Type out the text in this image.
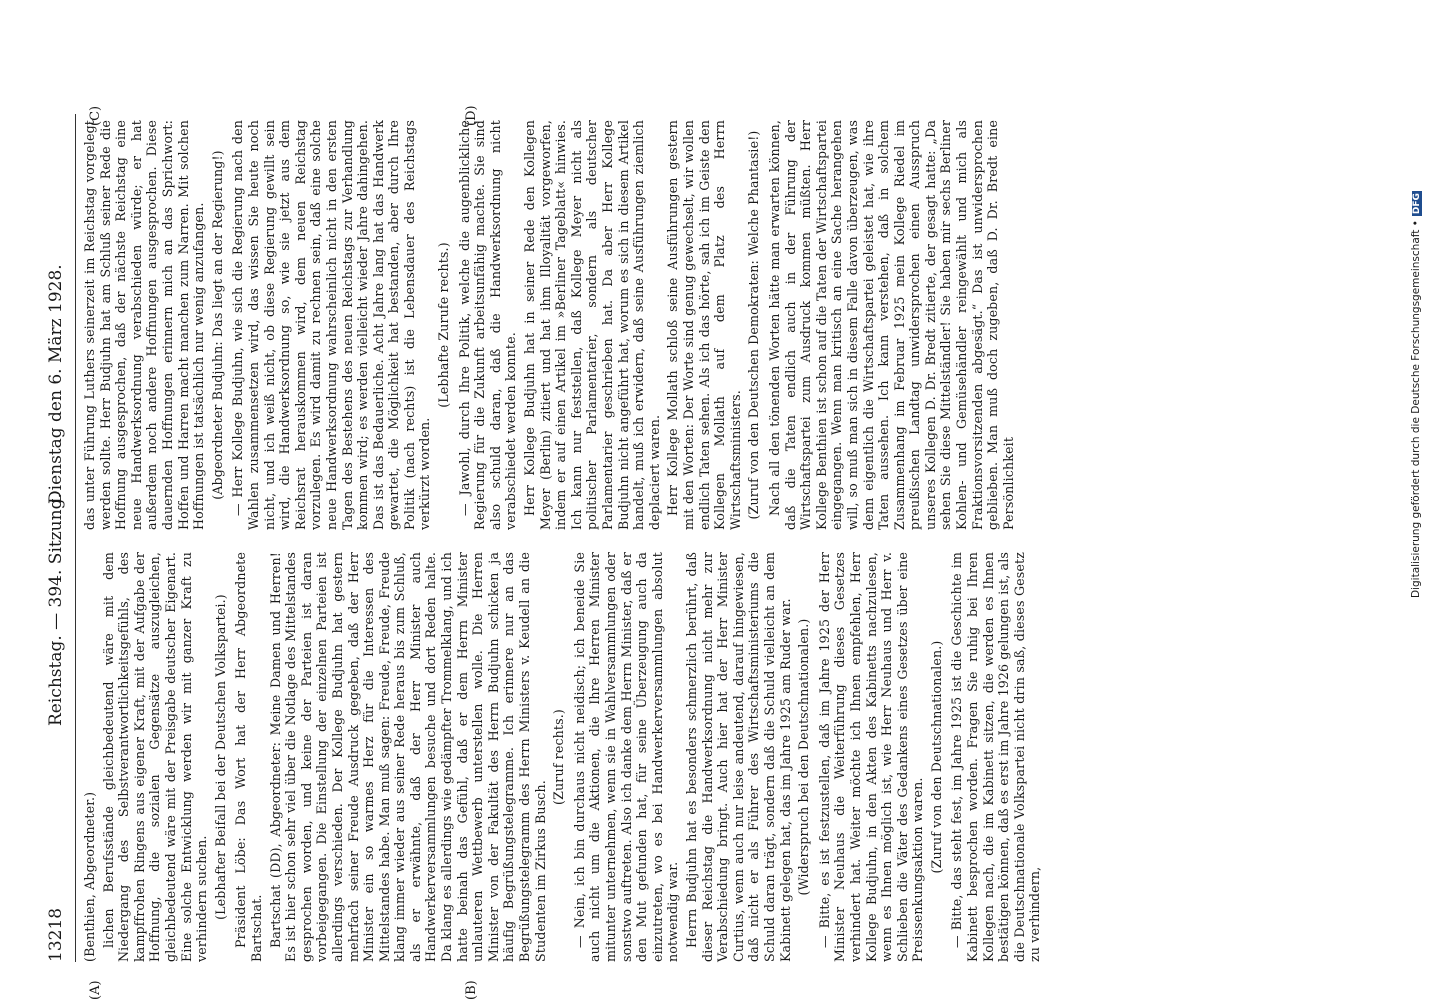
13218
Reichstag. — 394. Sitzung.
Dienstag den 6. März 1928.
(A)	(B)
(C)	(D)

(Benthien, Abgeordneter.) lichen Berufsstände gleichbedeutend wäre mit dem Niedergang des Selbstverantwortlichkeitsgefühls, des kampffrohen Ringens aus eigener Kraft, mit der Aufgabe der Hoffnung, die sozialen Gegensätze auszugleichen, gleichbedeutend wäre mit der Preisgabe deutscher Eigenart. Eine solche Entwicklung werden wir mit ganzer Kraft zu verhindern suchen. (Lebhafter Beifall bei der Deutschen Volkspartei.) Präsident Löbe: Das Wort hat der Herr Abgeordnete Bartschat. Bartschat (DD), Abgeordneter: Meine Damen und Herren! Es ist hier schon sehr viel über die Notlage des Mittelstandes gesprochen worden, und keine der Parteien ist daran vorbeigegangen. Die Einstellung der einzelnen Parteien ist allerdings verschieden. Der Kollege Budjuhn hat gestern mehrfach seiner Freude Ausdruck gegeben, daß der Herr Minister ein so warmes Herz für die Interessen des Mittelstandes habe. Man muß sagen: Freude, Freude, Freude klang immer wieder aus seiner Rede heraus bis zum Schluß, als er erwähnte, daß der Herr Minister auch Handwerkerversammlungen besuche und dort Reden halte. Da klang es allerdings wie gedämpfter Trommelklang, und ich hatte beinah das Gefühl, daß er dem Herrn Minister unlauteren Wettbewerb unterstellen wolle. Die Herren Minister von der Fakultät des Herrn Budjuhn schicken ja häufig Begrüßungstelegramme. Ich erinnere nur an das Begrüßungstelegramm des Herrn Ministers v. Keudell an die Studenten im Zirkus Busch.

(Zuruf rechts.) — Nein, ich bin durchaus nicht neidisch; ich beneide Sie auch nicht um die Aktionen, die Ihre Herren Minister mitunter unternehmen, wenn sie in Wahlversammlungen oder sonstwo auftreten. Also ich danke dem Herrn Minister, daß er den Mut gefunden hat, für seine Überzeugung auch da einzutreten, wo es bei Handwerkerversammlungen absolut notwendig war. Herrn Budjuhn hat es besonders schmerzlich berührt, daß dieser Reichstag die Handwerksordnung nicht mehr zur Verabschiedung bringt. Auch hier hat der Herr Minister Curtius, wenn auch nur leise andeutend, darauf hingewiesen, daß nicht er als Führer des Wirtschaftsministeriums die Schuld daran trägt, sondern daß die Schuld vielleicht an dem Kabinett gelegen hat, das im Jahre 1925 am Ruder war. (Widerspruch bei den Deutschnationalen.) — Bitte, es ist festzustellen, daß im Jahre 1925 der Herr Minister Neuhaus die Weiterführung dieses Gesetzes verhindert hat. Weiter möchte ich Ihnen empfehlen, Herr Kollege Budjuhn, in den Akten des Kabinetts nachzulesen, wenn es Ihnen möglich ist, wie Herr Neuhaus und Herr v. Schlieben die Väter des Gedankens eines Gesetzes über eine Preissenkungsaktion waren. (Zuruf von den Deutschnationalen.) — Bitte, das steht fest, im Jahre 1925 ist die Geschichte im Kabinett besprochen worden. Fragen Sie ruhig bei Ihren Kollegen nach, die im Kabinett sitzen, die werden es Ihnen bestätigen können, daß es erst im Jahre 1926 gelungen ist, als die Deutschnationale Volkspartei nicht drin saß, dieses Gesetz zu verhindern,

das unter Führung Luthers seinerzeit im Reichstag vorgelegt werden sollte. Herr Budjuhn hat am Schluß seiner Rede die Hoffnung ausgesprochen, daß der nächste Reichstag eine neue Handwerksordnung verabschieden würde; er hat außerdem noch andere Hoffnungen ausgesprochen. Diese dauernden Hoffnungen erinnern mich an das Sprichwort: Hoffen und Harren macht manchen zum Narren. Mit solchen Hoffnungen ist tatsächlich nur wenig anzufangen. (Abgeordneter Budjuhn: Das liegt an der Regierung!) — Herr Kollege Budjuhn, wie sich die Regierung nach den Wahlen zusammensetzen wird, das wissen Sie heute noch nicht, und ich weiß nicht, ob diese Regierung gewillt sein wird, die Handwerksordnung so, wie sie jetzt aus dem Reichsrat herauskommen wird, dem neuen Reichstag vorzulegen. Es wird damit zu rechnen sein, daß eine solche neue Handwerksordnung wahrscheinlich nicht in den ersten Tagen des Bestehens des neuen Reichstags zur Verhandlung kommen wird; es werden vielleicht wieder Jahre dahingehen. Das ist das Bedauerliche. Acht Jahre lang hat das Handwerk gewartet, die Möglichkeit hat bestanden, aber durch Ihre Politik (nach rechts) ist die Lebensdauer des Reichstags verkürzt worden.

(Lebhafte Zurufe rechts.) — Jawohl, durch Ihre Politik, welche die augenblickliche Regierung für die Zukunft arbeitsunfähig machte. Sie sind also schuld daran, daß die Handwerksordnung nicht verabschiedet werden konnte. Herr Kollege Budjuhn hat in seiner Rede den Kollegen Meyer (Berlin) zitiert und hat ihm Illoyalität vorgeworfen, indem er auf einen Artikel im »Berliner Tageblatt« hinwies. Ich kann nur feststellen, daß Kollege Meyer nicht als politischer Parlamentarier, sondern als deutscher Parlamentarier geschrieben hat. Da aber Herr Kollege Budjuhn nicht angeführt hat, worum es sich in diesem Artikel handelt, muß ich erwidern, daß seine Ausführungen ziemlich deplaciert waren. Herr Kollege Mollath schloß seine Ausführungen gestern mit den Worten: Der Worte sind genug gewechselt, wir wollen endlich Taten sehen. Als ich das hörte, sah ich im Geiste den Kollegen Mollath auf dem Platz des Herrn Wirtschaftsministers. (Zuruf von den Deutschen Demokraten: Welche Phantasie!) Nach all den tönenden Worten hätte man erwarten können, daß die Taten endlich auch in der Führung der Wirtschaftspartei zum Ausdruck kommen müßten. Herr Kollege Benthien ist schon auf die Taten der Wirtschaftspartei eingegangen. Wenn man kritisch an eine Sache herangehen will, so muß man sich in diesem Falle davon überzeugen, was denn eigentlich die Wirtschaftspartei geleistet hat, wie ihre Taten aussehen. Ich kann verstehen, daß in solchem Zusammenhang im Februar 1925 mein Kollege Riedel im preußischen Landtag unwidersprochen einen Ausspruch unseres Kollegen D. Dr. Bredt zitierte, der gesagt hatte: „Da sehen Sie diese Mittelständler! Sie haben mir sechs Berliner Kohlen- und Gemüsehändler reingewählt und mich als Fraktionsvorsitzenden abgesägt.“ Das ist unwidersprochen geblieben. Man muß doch zugeben, daß D. Dr. Bredt eine Persönlichkeit	Digitalisierung gefördert durch die Deutsche Forschungsgemeinschaft •DFG
